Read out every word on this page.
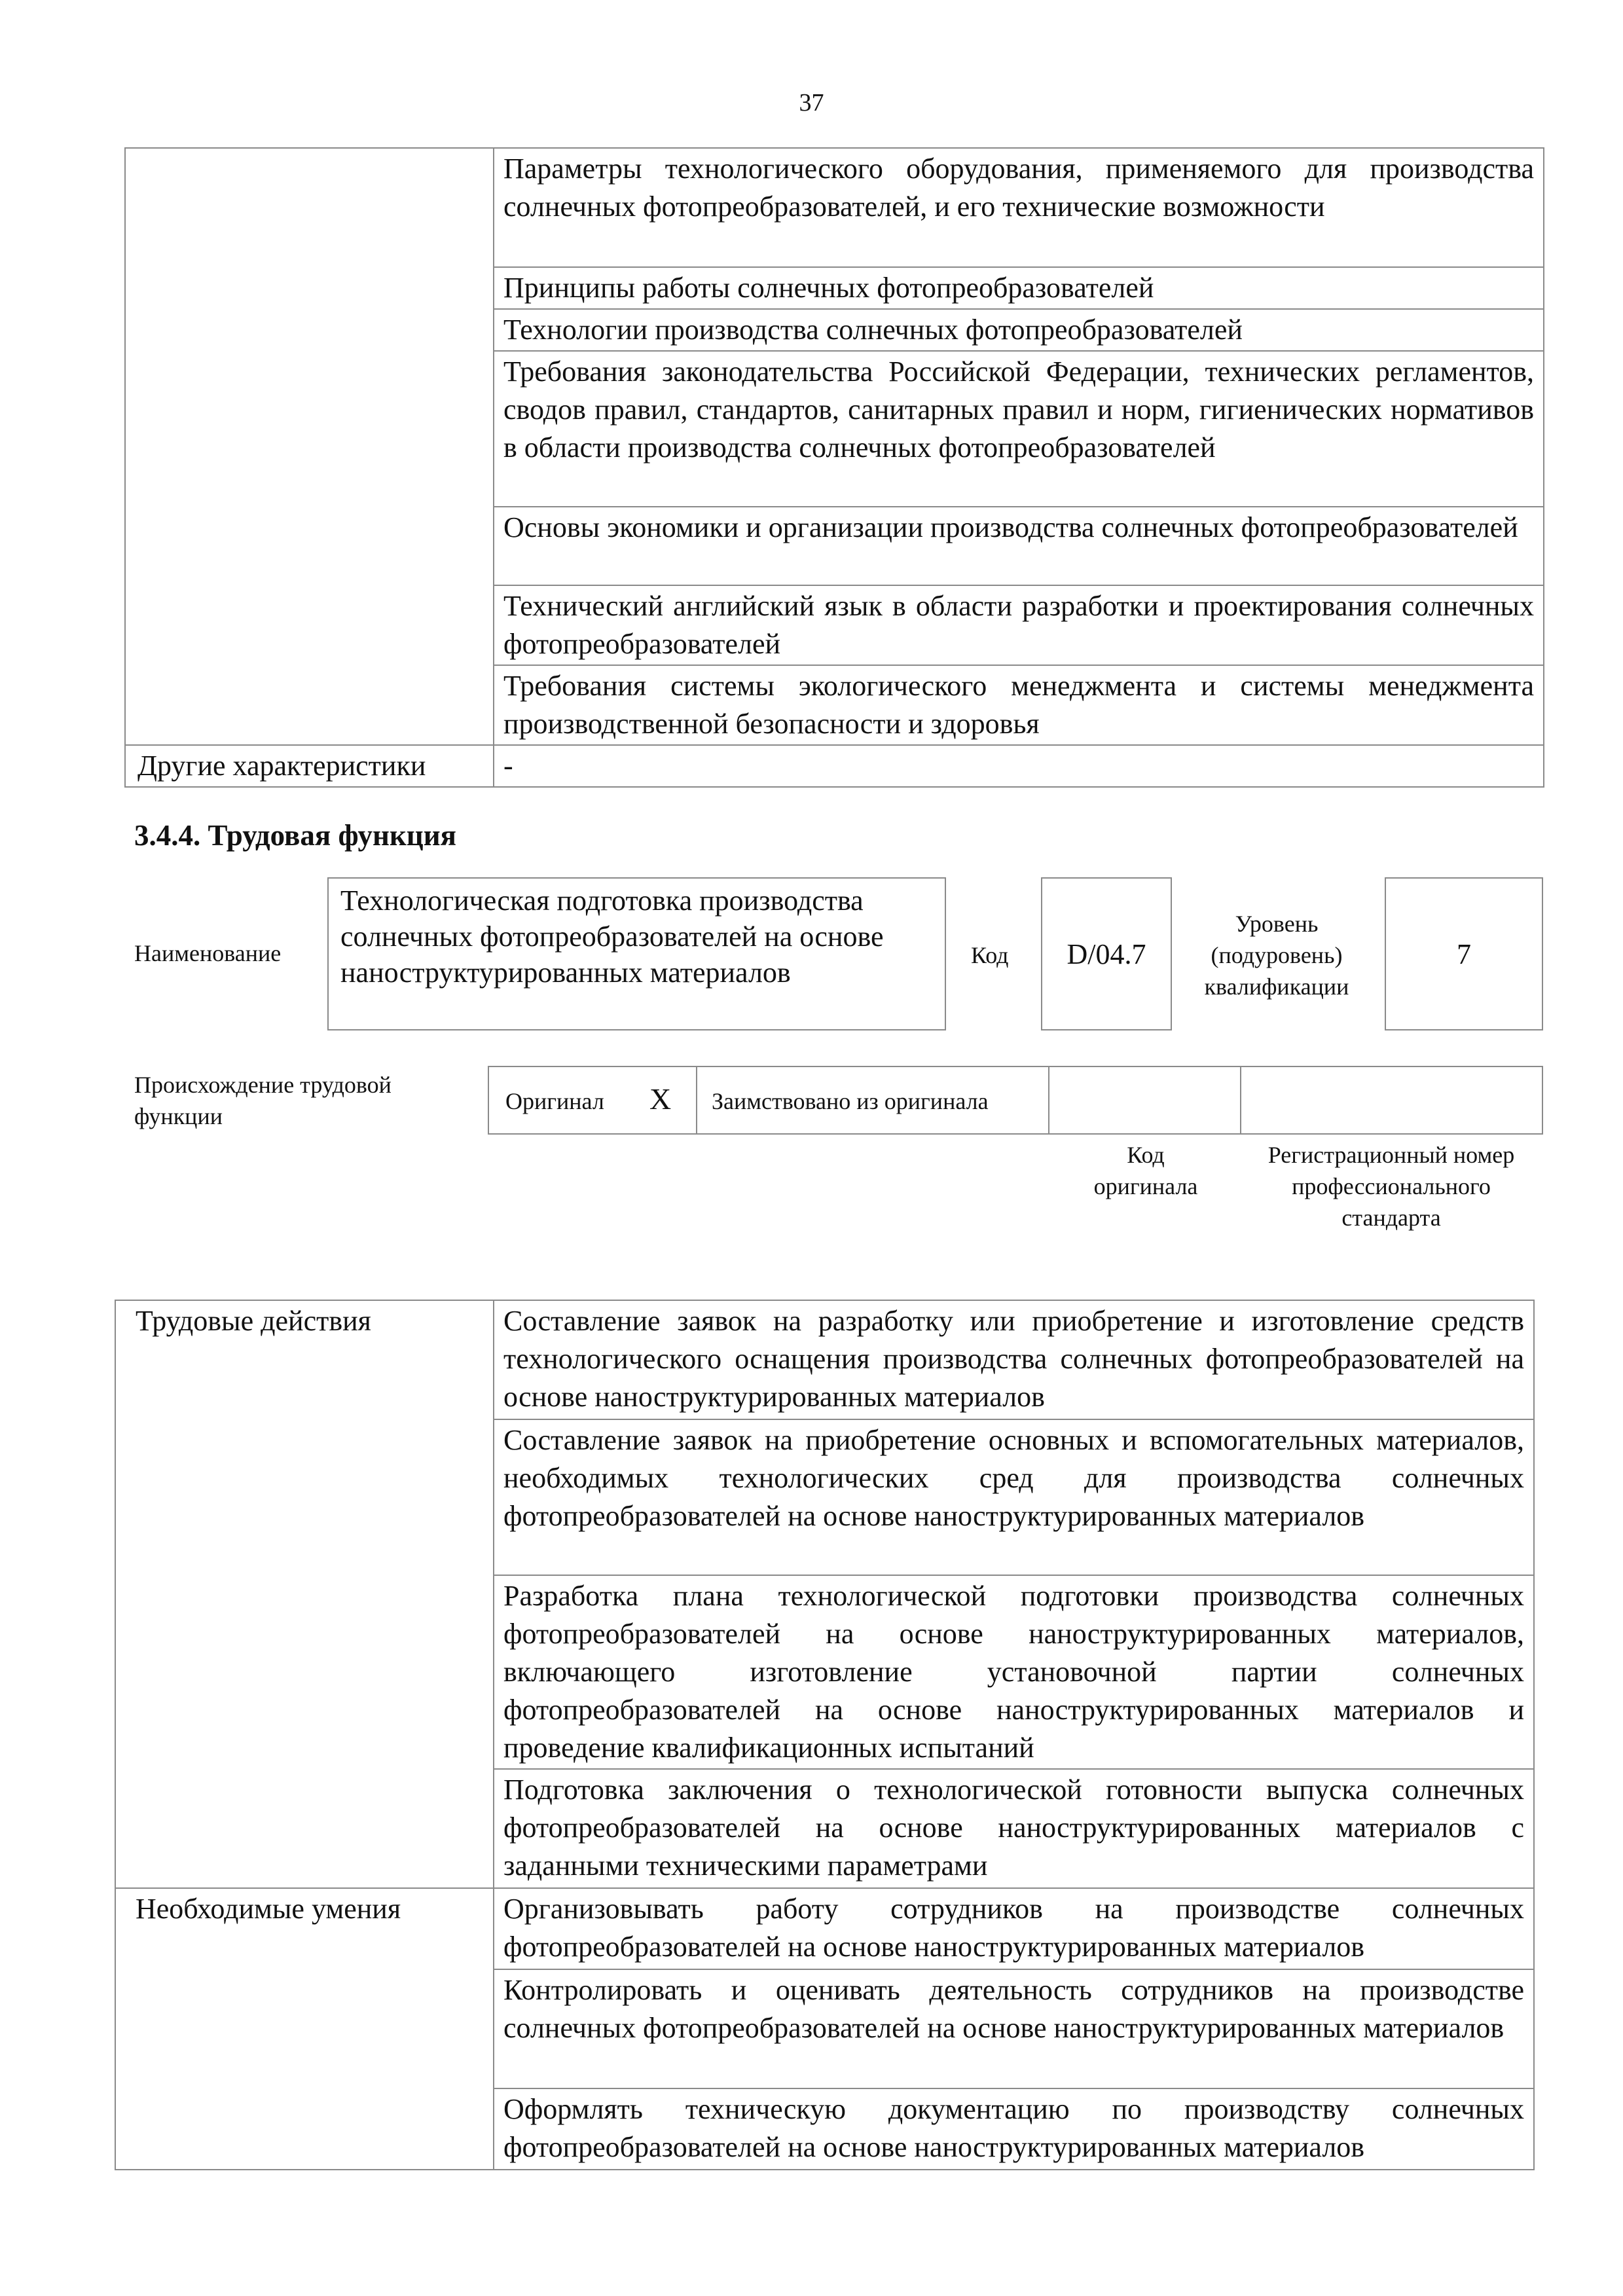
37
	Параметры технологического оборудования, применяемого для производства солнечных фотопреобразователей, и его технические возможности
	Принципы работы солнечных фотопреобразователей
	Технологии производства солнечных фотопреобразователей
	Требования законодательства Российской Федерации, технических регламентов, сводов правил, стандартов, санитарных правил и норм, гигиенических нормативов в области производства солнечных фотопреобразователей
	Основы экономики и организации производства солнечных фотопреобразователей
	Технический английский язык в области разработки и проектирования солнечных фотопреобразователей
	Требования системы экологического менеджмента и системы менеджмента производственной безопасности и здоровья
Другие характеристики	-
3.4.4. Трудовая функция
Наименование
Технологическая подготовка производства солнечных фотопреобразователей на основе наноструктурированных материалов
Код	D/04.7
Уровень (подуровень) квалификации
7
Происхождение трудовой функции
Оригинал X Заимствовано из оригинала
Код оригинала
Регистрационный номер профессионального стандарта
Трудовые действия	Составление заявок на разработку или приобретение и изготовление средств технологического оснащения производства солнечных фотопреобразователей на основе наноструктурированных материалов
	Составление заявок на приобретение основных и вспомогательных материалов, необходимых технологических сред для производства солнечных фотопреобразователей на основе наноструктурированных материалов
	Разработка плана технологической подготовки производства солнечных фотопреобразователей на основе наноструктурированных материалов, включающего изготовление установочной партии солнечных фотопреобразователей на основе наноструктурированных материалов и проведение квалификационных испытаний
	Подготовка заключения о технологической готовности выпуска солнечных фотопреобразователей на основе наноструктурированных материалов с заданными техническими параметрами
Необходимые умения	Организовывать работу сотрудников на производстве солнечных фотопреобразователей на основе наноструктурированных материалов
	Контролировать и оценивать деятельность сотрудников на производстве солнечных фотопреобразователей на основе наноструктурированных материалов
	Оформлять техническую документацию по производству солнечных фотопреобразователей на основе наноструктурированных материалов
